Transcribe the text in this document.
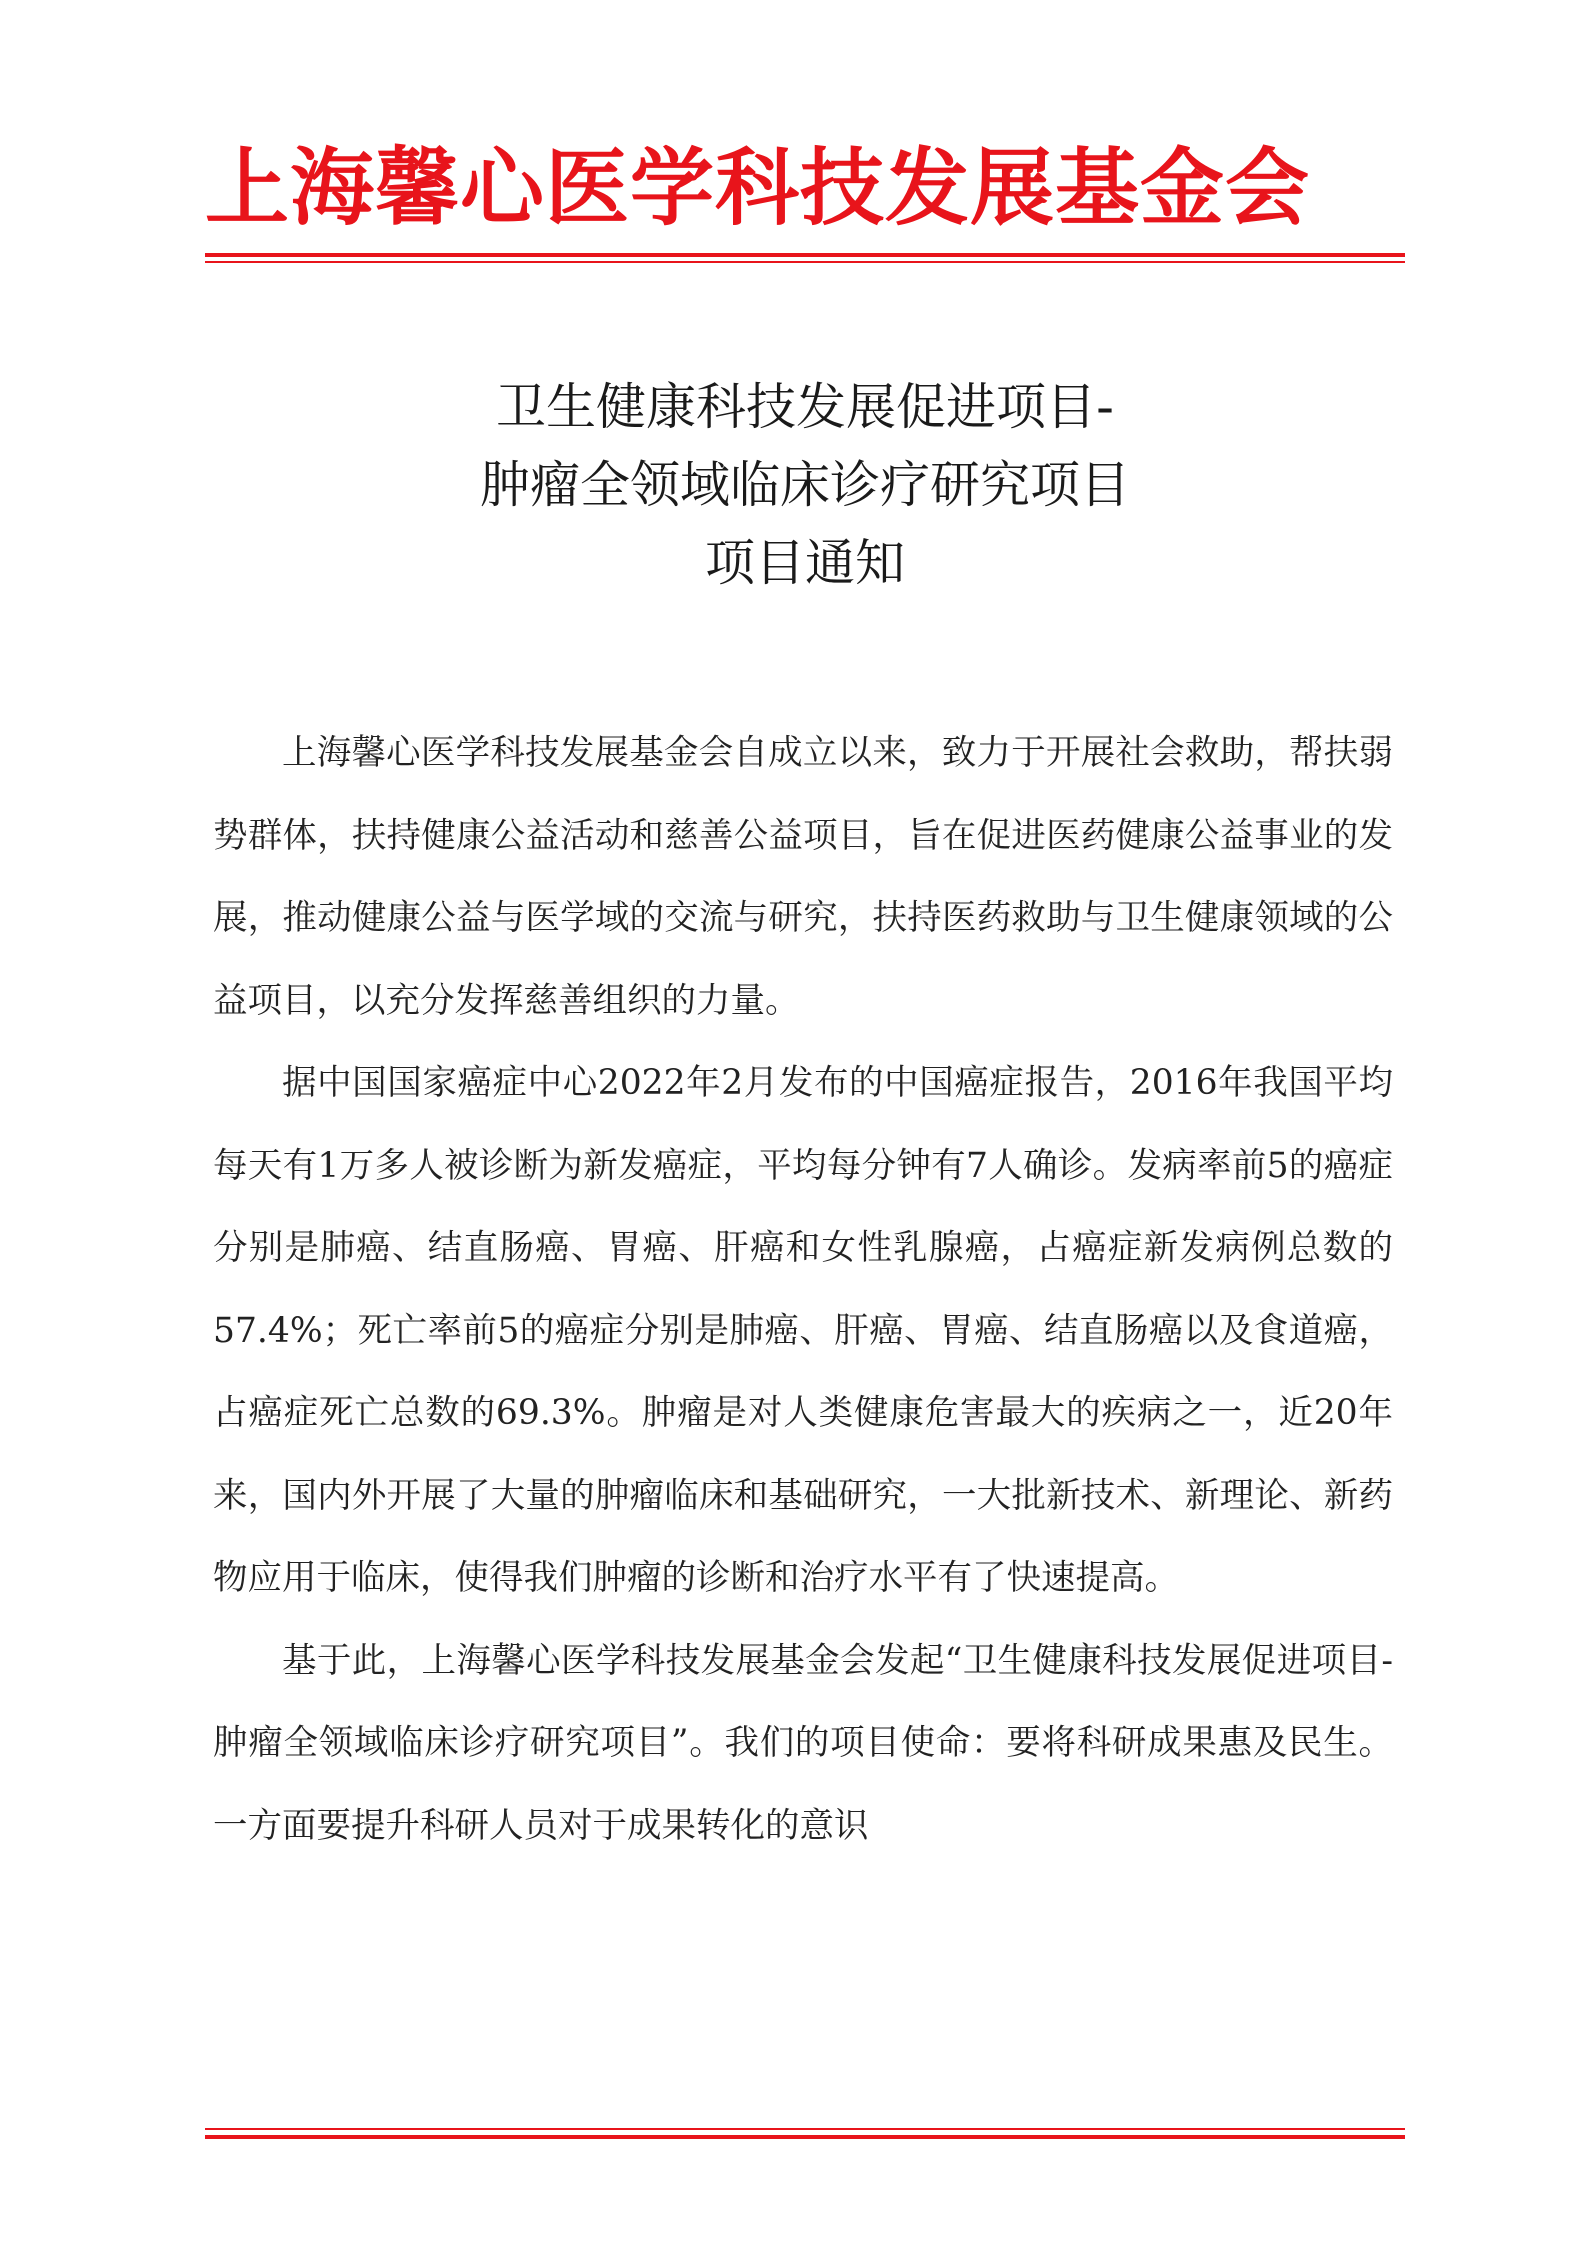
上海馨心医学科技发展基金会
卫生健康科技发展促进项目-
肿瘤全领域临床诊疗研究项目
项目通知

上海馨心医学科技发展基金会自成立以来，致力于开展社会救助，帮扶弱势群体，扶持健康公益活动和慈善公益项目，旨在促进医药健康公益事业的发展，推动健康公益与医学域的交流与研究，扶持医药救助与卫生健康领域的公益项目，以充分发挥慈善组织的力量。

据中国国家癌症中心2022年2月发布的中国癌症报告，2016年我国平均每天有1万多人被诊断为新发癌症，平均每分钟有7人确诊。发病率前5的癌症分别是肺癌、结直肠癌、胃癌、肝癌和女性乳腺癌，占癌症新发病例总数的57.4%；死亡率前5的癌症分别是肺癌、肝癌、胃癌、结直肠癌以及食道癌，占癌症死亡总数的69.3%。肿瘤是对人类健康危害最大的疾病之一，近20年来，国内外开展了大量的肿瘤临床和基础研究，一大批新技术、新理论、新药物应用于临床，使得我们肿瘤的诊断和治疗水平有了快速提高。

基于此，上海馨心医学科技发展基金会发起“卫生健康科技发展促进项目-肿瘤全领域临床诊疗研究项目”。我们的项目使命：要将科研成果惠及民生。一方面要提升科研人员对于成果转化的意识
